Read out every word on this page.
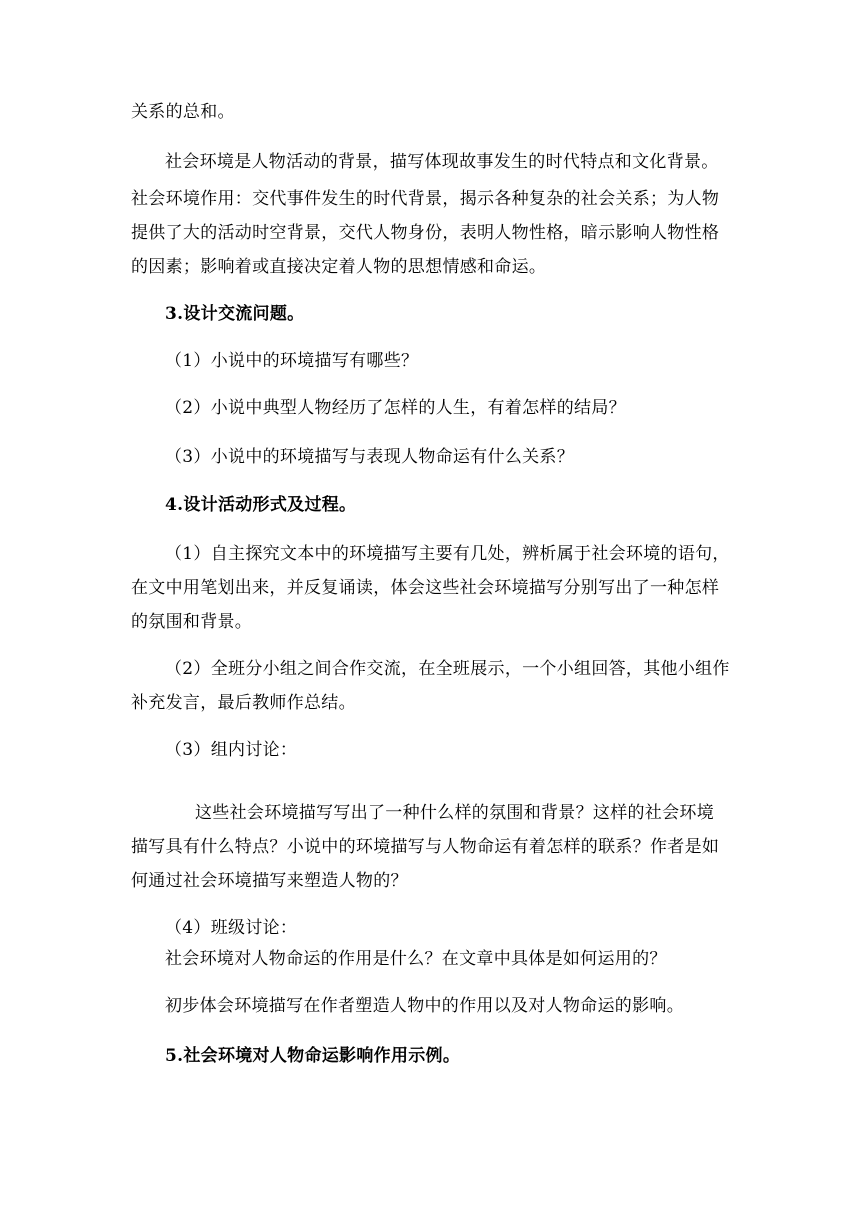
关系的总和。
社会环境是人物活动的背景，描写体现故事发生的时代特点和文化背景。
社会环境作用：交代事件发生的时代背景，揭示各种复杂的社会关系；为人物
提供了大的活动时空背景，交代人物身份，表明人物性格，暗示影响人物性格
的因素；影响着或直接决定着人物的思想情感和命运。
3.设计交流问题。
（1）小说中的环境描写有哪些？
（2）小说中典型人物经历了怎样的人生，有着怎样的结局？
（3）小说中的环境描写与表现人物命运有什么关系？
4.设计活动形式及过程。
（1）自主探究文本中的环境描写主要有几处，辨析属于社会环境的语句，
在文中用笔划出来，并反复诵读，体会这些社会环境描写分别写出了一种怎样
的氛围和背景。
（2）全班分小组之间合作交流，在全班展示，一个小组回答，其他小组作
补充发言，最后教师作总结。
（3）组内讨论：
这些社会环境描写写出了一种什么样的氛围和背景？这样的社会环境
描写具有什么特点？小说中的环境描写与人物命运有着怎样的联系？作者是如
何通过社会环境描写来塑造人物的？
（4）班级讨论：
社会环境对人物命运的作用是什么？在文章中具体是如何运用的？
初步体会环境描写在作者塑造人物中的作用以及对人物命运的影响。
5.社会环境对人物命运影响作用示例。
